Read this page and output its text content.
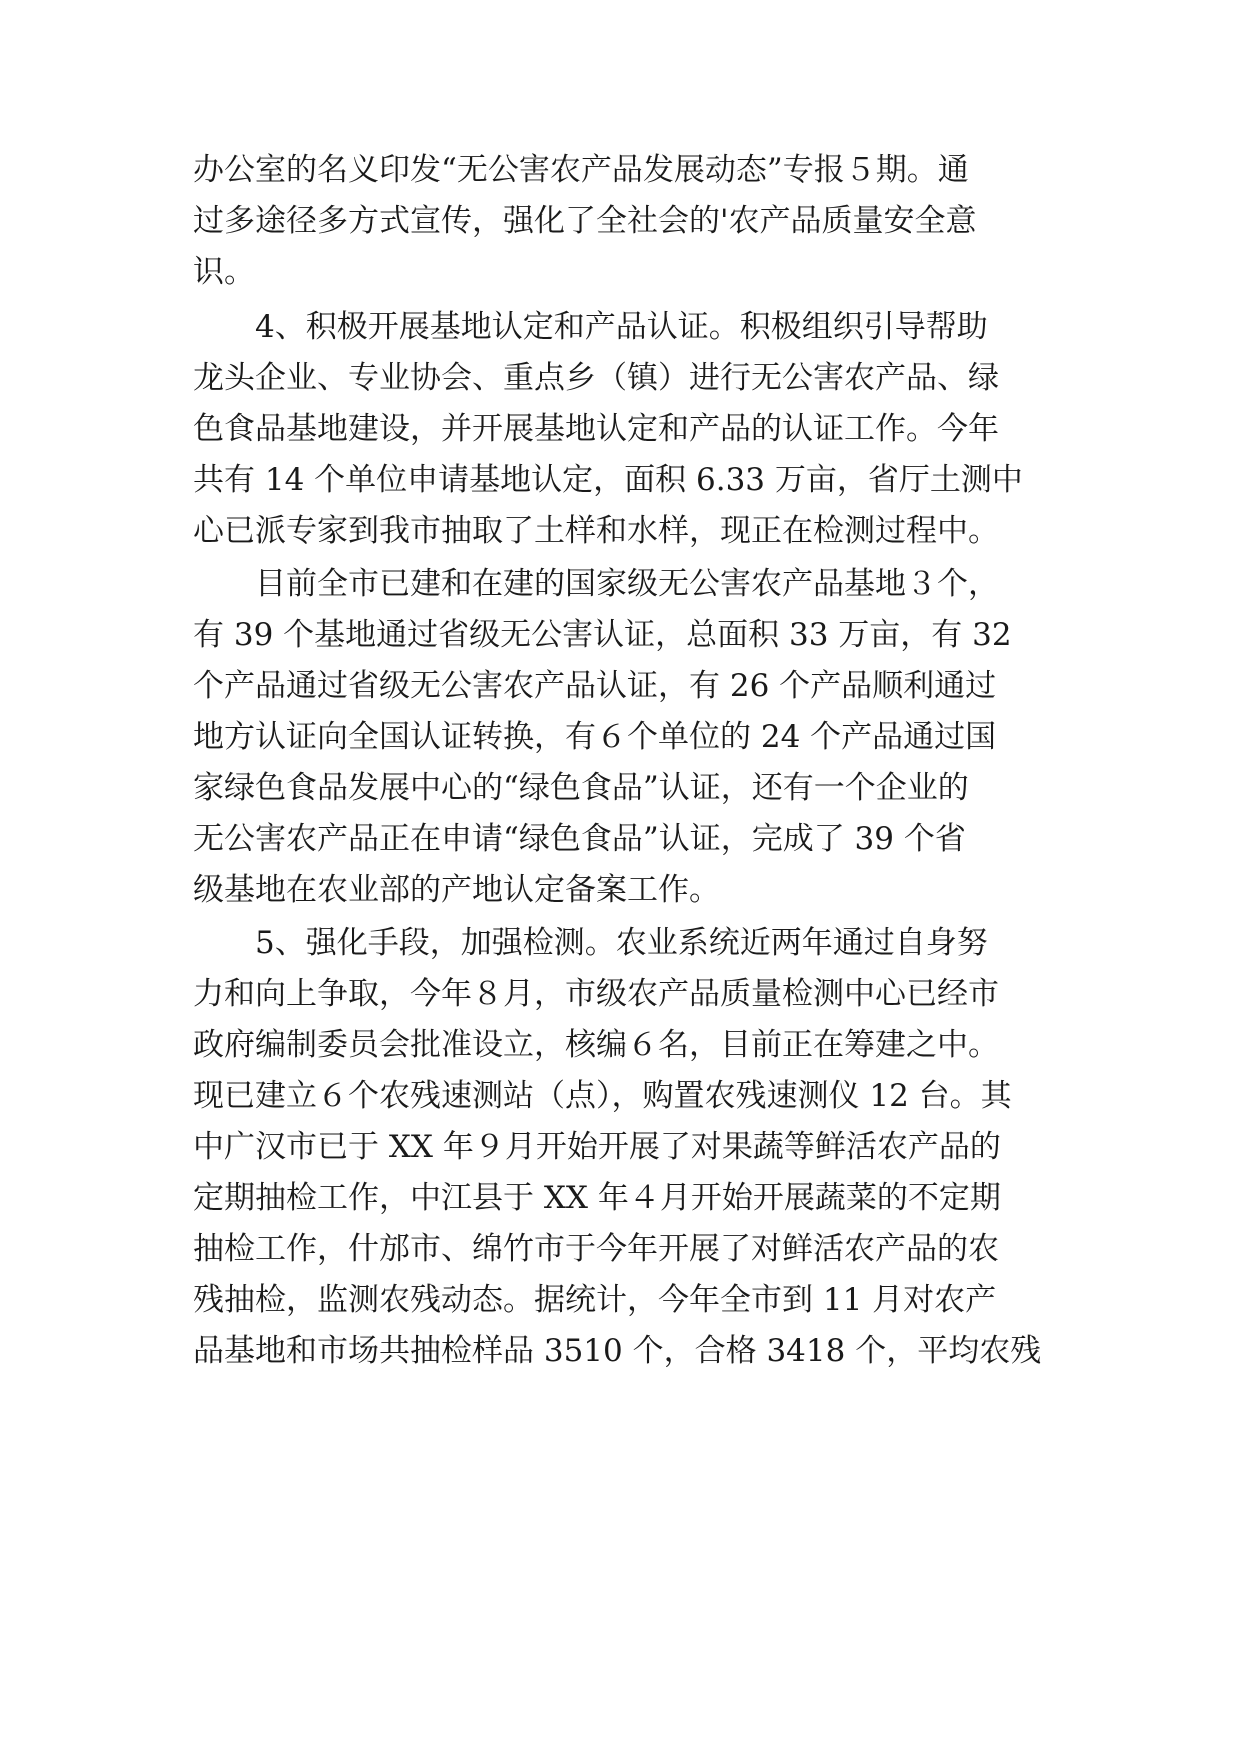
办公室的名义印发“无公害农产品发展动态”专报５期。通
过多途径多方式宣传，强化了全社会的'农产品质量安全意
识。
4、积极开展基地认定和产品认证。积极组织引导帮助
龙头企业、专业协会、重点乡（镇）进行无公害农产品、绿
色食品基地建设，并开展基地认定和产品的认证工作。今年
共有 14 个单位申请基地认定，面积 6.33 万亩，省厅土测中
心已派专家到我市抽取了土样和水样，现正在检测过程中。
目前全市已建和在建的国家级无公害农产品基地３个，
有 39 个基地通过省级无公害认证，总面积 33 万亩，有 32
个产品通过省级无公害农产品认证，有 26 个产品顺利通过
地方认证向全国认证转换，有６个单位的 24 个产品通过国
家绿色食品发展中心的“绿色食品”认证，还有一个企业的
无公害农产品正在申请“绿色食品”认证，完成了 39 个省
级基地在农业部的产地认定备案工作。
5、强化手段，加强检测。农业系统近两年通过自身努
力和向上争取，今年８月，市级农产品质量检测中心已经市
政府编制委员会批准设立，核编６名，目前正在筹建之中。
现已建立６个农残速测站（点），购置农残速测仪 12 台。其
中广汉市已于 XX 年９月开始开展了对果蔬等鲜活农产品的
定期抽检工作，中江县于 XX 年４月开始开展蔬菜的不定期
抽检工作，什邡市、绵竹市于今年开展了对鲜活农产品的农
残抽检，监测农残动态。据统计，今年全市到 11 月对农产
品基地和市场共抽检样品 3510 个，合格 3418 个，平均农残
